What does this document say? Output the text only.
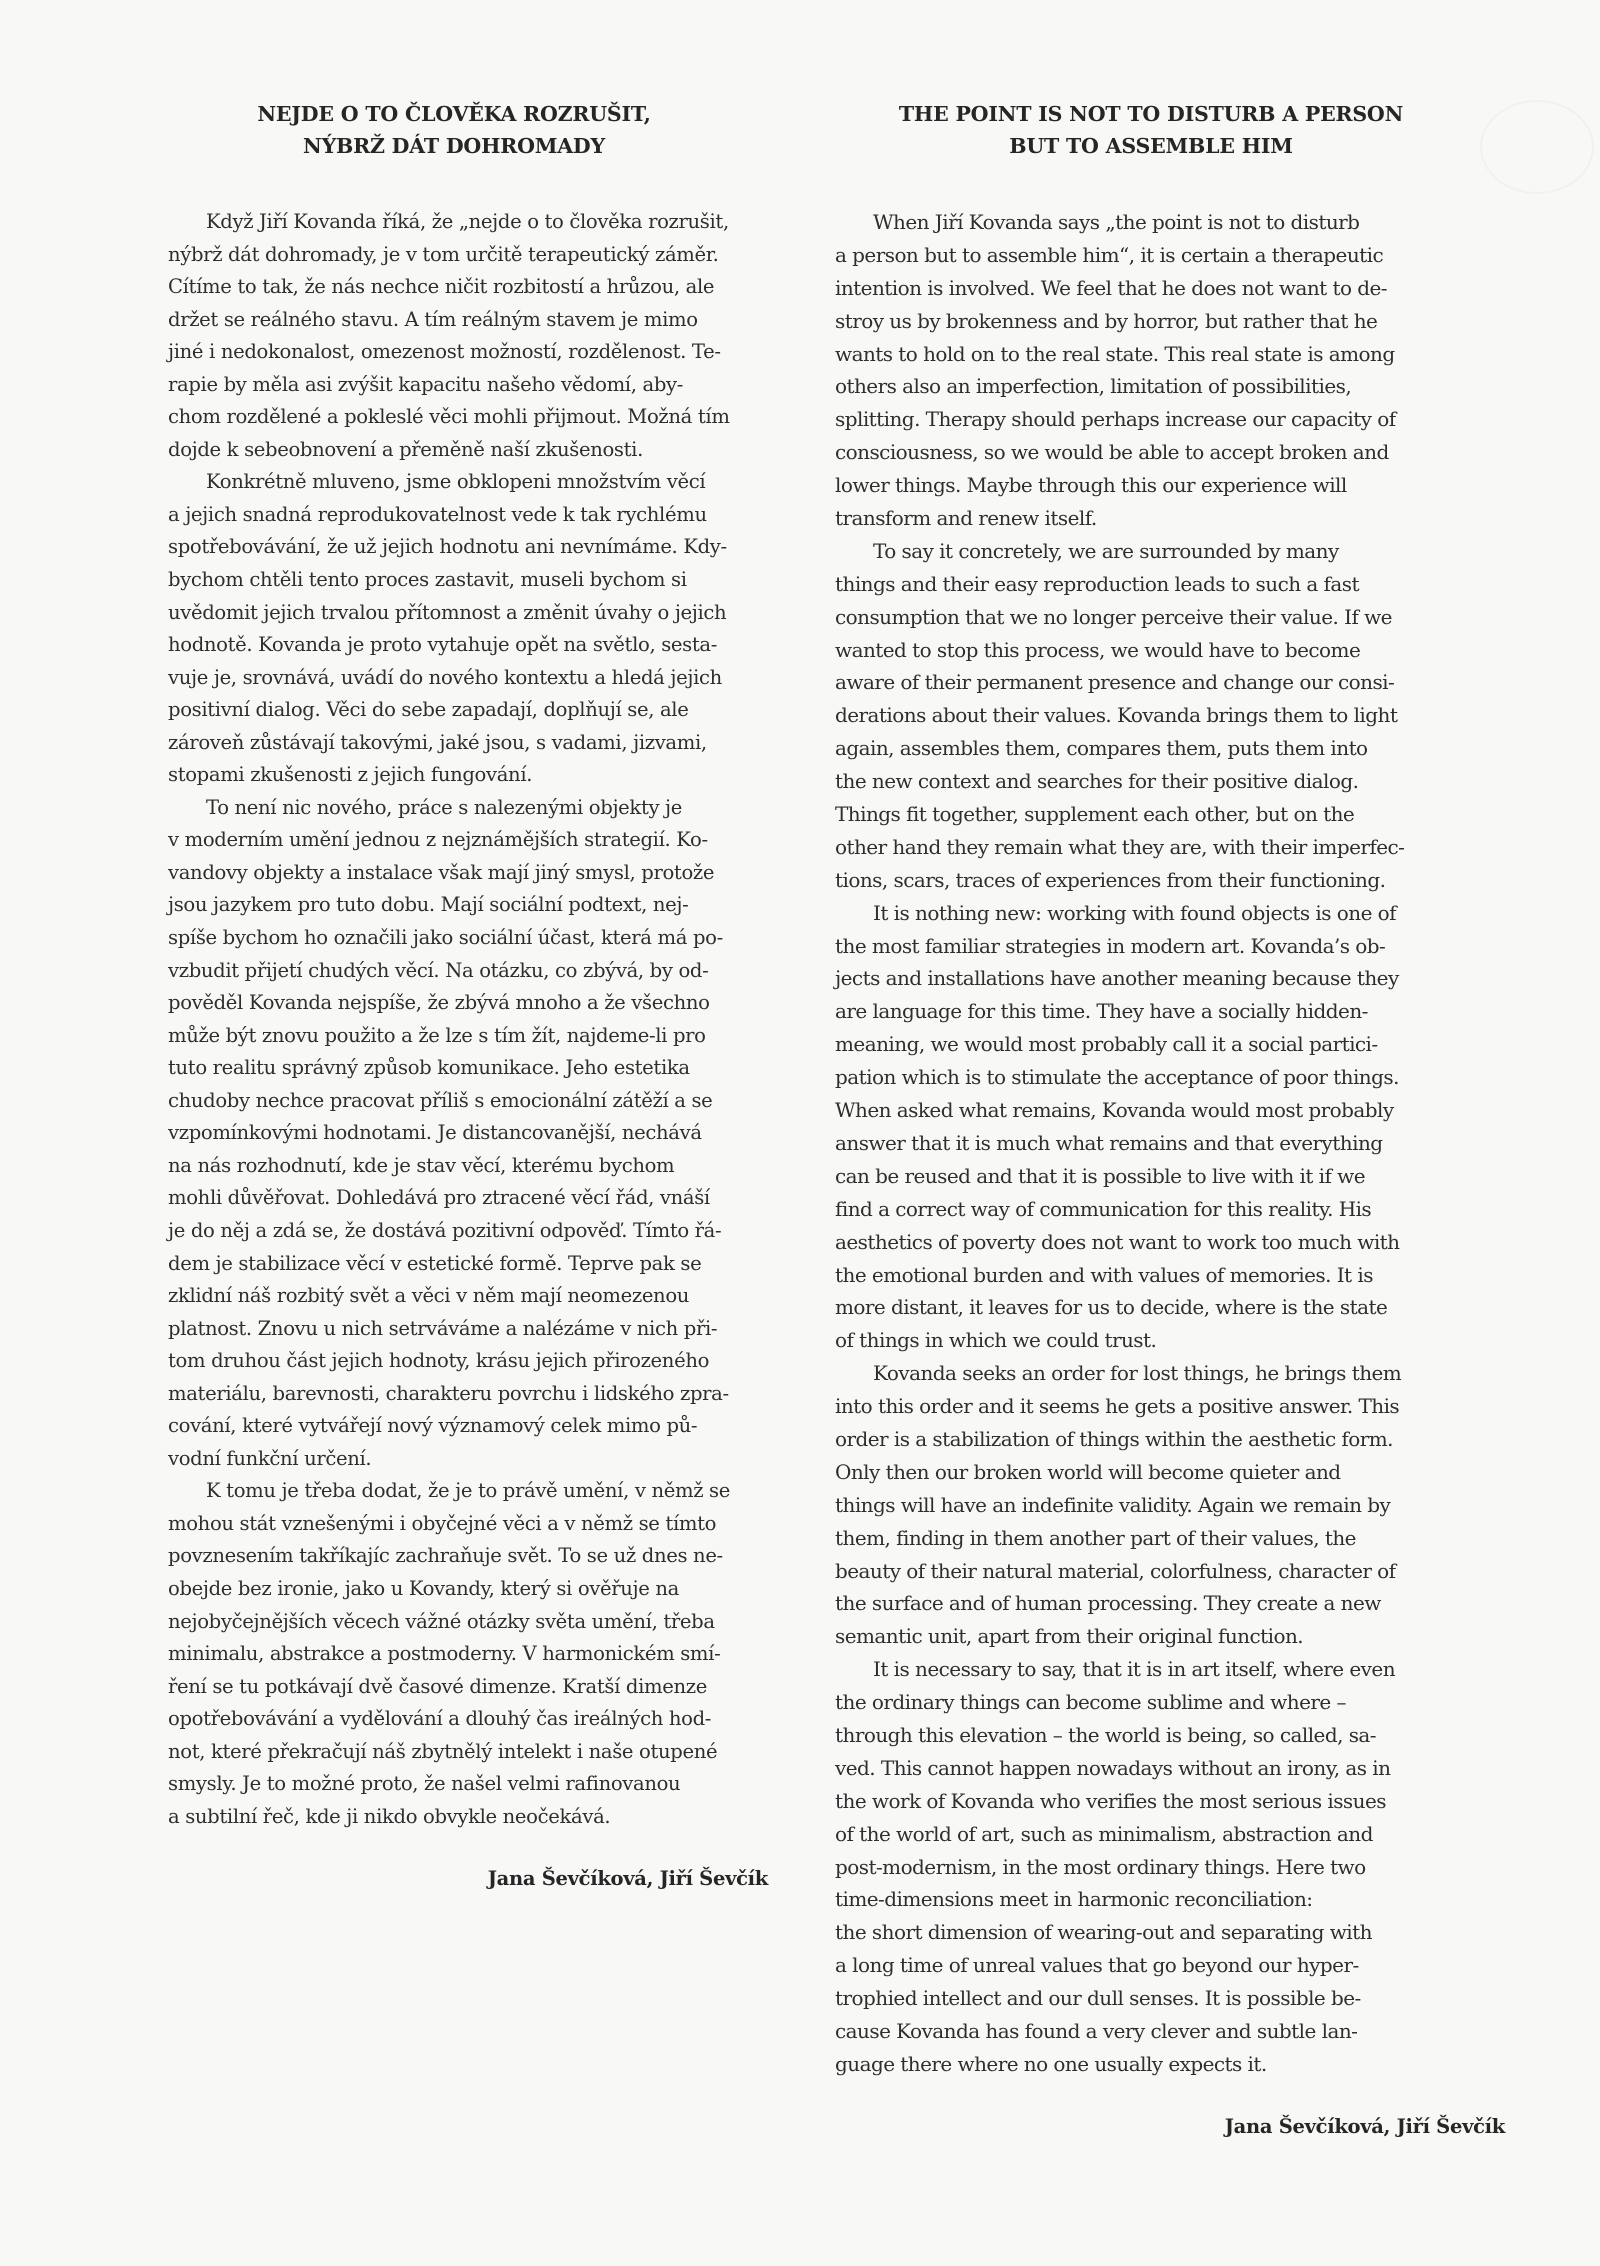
NEJDE O TO ČLOVĚKA ROZRUŠIT,
NÝBRŽ DÁT DOHROMADY
Když Jiří Kovanda říká, že „nejde o to člověka rozrušit,
nýbrž dát dohromady, je v tom určitě terapeutický záměr.
Cítíme to tak, že nás nechce ničit rozbitostí a hrůzou, ale
držet se reálného stavu. A tím reálným stavem je mimo
jiné i nedokonalost, omezenost možností, rozdělenost. Te-
rapie by měla asi zvýšit kapacitu našeho vědomí, aby-
chom rozdělené a pokleslé věci mohli přijmout. Možná tím
dojde k sebeobnovení a přeměně naší zkušenosti.
Konkrétně mluveno, jsme obklopeni množstvím věcí
a jejich snadná reprodukovatelnost vede k tak rychlému
spotřebovávání, že už jejich hodnotu ani nevnímáme. Kdy-
bychom chtěli tento proces zastavit, museli bychom si
uvědomit jejich trvalou přítomnost a změnit úvahy o jejich
hodnotě. Kovanda je proto vytahuje opět na světlo, sesta-
vuje je, srovnává, uvádí do nového kontextu a hledá jejich
positivní dialog. Věci do sebe zapadají, doplňují se, ale
zároveň zůstávají takovými, jaké jsou, s vadami, jizvami,
stopami zkušenosti z jejich fungování.
To není nic nového, práce s nalezenými objekty je
v moderním umění jednou z nejznámějších strategií. Ko-
vandovy objekty a instalace však mají jiný smysl, protože
jsou jazykem pro tuto dobu. Mají sociální podtext, nej-
spíše bychom ho označili jako sociální účast, která má po-
vzbudit přijetí chudých věcí. Na otázku, co zbývá, by od-
pověděl Kovanda nejspíše, že zbývá mnoho a že všechno
může být znovu použito a že lze s tím žít, najdeme-li pro
tuto realitu správný způsob komunikace. Jeho estetika
chudoby nechce pracovat příliš s emocionální zátěží a se
vzpomínkovými hodnotami. Je distancovanější, nechává
na nás rozhodnutí, kde je stav věcí, kterému bychom
mohli důvěřovat. Dohledává pro ztracené věcí řád, vnáší
je do něj a zdá se, že dostává pozitivní odpověď. Tímto řá-
dem je stabilizace věcí v estetické formě. Teprve pak se
zklidní náš rozbitý svět a věci v něm mají neomezenou
platnost. Znovu u nich setrváváme a nalézáme v nich při-
tom druhou část jejich hodnoty, krásu jejich přirozeného
materiálu, barevnosti, charakteru povrchu i lidského zpra-
cování, které vytvářejí nový významový celek mimo pů-
vodní funkční určení.
K tomu je třeba dodat, že je to právě umění, v němž se
mohou stát vznešenými i obyčejné věci a v němž se tímto
povznesením takříkajíc zachraňuje svět. To se už dnes ne-
obejde bez ironie, jako u Kovandy, který si ověřuje na
nejobyčejnějších věcech vážné otázky světa umění, třeba
minimalu, abstrakce a postmoderny. V harmonickém smí-
ření se tu potkávají dvě časové dimenze. Kratší dimenze
opotřebovávání a vydělování a dlouhý čas ireálných hod-
not, které překračují náš zbytnělý intelekt i naše otupené
smysly. Je to možné proto, že našel velmi rafinovanou
a subtilní řeč, kde ji nikdo obvykle neočekává.
Jana Ševčíková, Jiří Ševčík
THE POINT IS NOT TO DISTURB A PERSON
BUT TO ASSEMBLE HIM
When Jiří Kovanda says „the point is not to disturb
a person but to assemble him“, it is certain a therapeutic
intention is involved. We feel that he does not want to de-
stroy us by brokenness and by horror, but rather that he
wants to hold on to the real state. This real state is among
others also an imperfection, limitation of possibilities,
splitting. Therapy should perhaps increase our capacity of
consciousness, so we would be able to accept broken and
lower things. Maybe through this our experience will
transform and renew itself.
To say it concretely, we are surrounded by many
things and their easy reproduction leads to such a fast
consumption that we no longer perceive their value. If we
wanted to stop this process, we would have to become
aware of their permanent presence and change our consi-
derations about their values. Kovanda brings them to light
again, assembles them, compares them, puts them into
the new context and searches for their positive dialog.
Things fit together, supplement each other, but on the
other hand they remain what they are, with their imperfec-
tions, scars, traces of experiences from their functioning.
It is nothing new: working with found objects is one of
the most familiar strategies in modern art. Kovanda’s ob-
jects and installations have another meaning because they
are language for this time. They have a socially hidden-
meaning, we would most probably call it a social partici-
pation which is to stimulate the acceptance of poor things.
When asked what remains, Kovanda would most probably
answer that it is much what remains and that everything
can be reused and that it is possible to live with it if we
find a correct way of communication for this reality. His
aesthetics of poverty does not want to work too much with
the emotional burden and with values of memories. It is
more distant, it leaves for us to decide, where is the state
of things in which we could trust.
Kovanda seeks an order for lost things, he brings them
into this order and it seems he gets a positive answer. This
order is a stabilization of things within the aesthetic form.
Only then our broken world will become quieter and
things will have an indefinite validity. Again we remain by
them, finding in them another part of their values, the
beauty of their natural material, colorfulness, character of
the surface and of human processing. They create a new
semantic unit, apart from their original function.
It is necessary to say, that it is in art itself, where even
the ordinary things can become sublime and where –
through this elevation – the world is being, so called, sa-
ved. This cannot happen nowadays without an irony, as in
the work of Kovanda who verifies the most serious issues
of the world of art, such as minimalism, abstraction and
post-modernism, in the most ordinary things. Here two
time-dimensions meet in harmonic reconciliation:
the short dimension of wearing-out and separating with
a long time of unreal values that go beyond our hyper-
trophied intellect and our dull senses. It is possible be-
cause Kovanda has found a very clever and subtle lan-
guage there where no one usually expects it.
Jana Ševčíková, Jiří Ševčík
